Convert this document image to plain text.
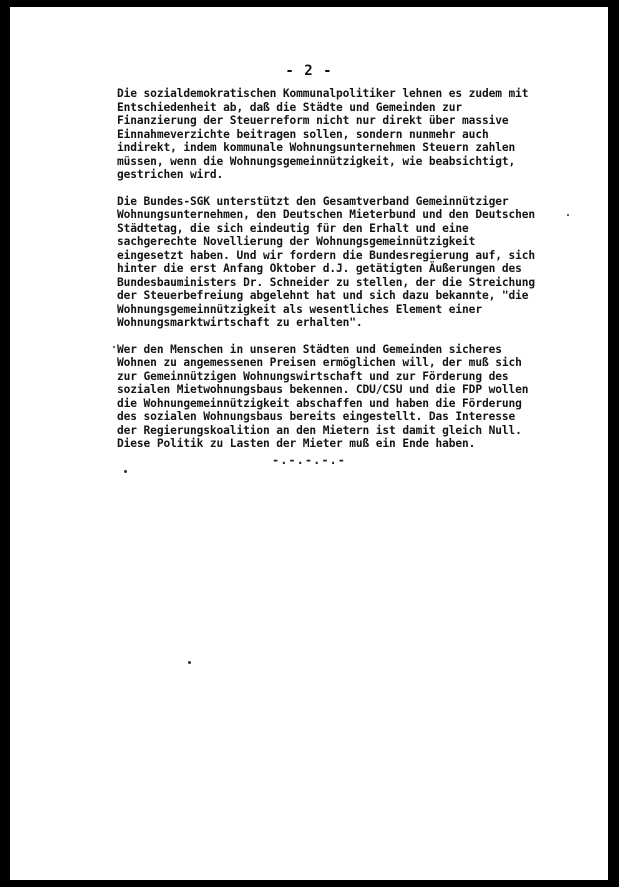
- 2 -
Die sozialdemokratischen Kommunalpolitiker lehnen es zudem mit
Entschiedenheit ab, daß die Städte und Gemeinden zur
Finanzierung der Steuerreform nicht nur direkt über massive
Einnahmeverzichte beitragen sollen, sondern nunmehr auch
indirekt, indem kommunale Wohnungsunternehmen Steuern zahlen
müssen, wenn die Wohnungsgemeinnützigkeit, wie beabsichtigt,
gestrichen wird.
Die Bundes-SGK unterstützt den Gesamtverband Gemeinnütziger
Wohnungsunternehmen, den Deutschen Mieterbund und den Deutschen
Städtetag, die sich eindeutig für den Erhalt und eine
sachgerechte Novellierung der Wohnungsgemeinnützigkeit
eingesetzt haben. Und wir fordern die Bundesregierung auf, sich
hinter die erst Anfang Oktober d.J. getätigten Äußerungen des
Bundesbauministers Dr. Schneider zu stellen, der die Streichung
der Steuerbefreiung abgelehnt hat und sich dazu bekannte, "die
Wohnungsgemeinnützigkeit als wesentliches Element einer
Wohnungsmarktwirtschaft zu erhalten".
Wer den Menschen in unseren Städten und Gemeinden sicheres
Wohnen zu angemessenen Preisen ermöglichen will, der muß sich
zur Gemeinnützigen Wohnungswirtschaft und zur Förderung des
sozialen Mietwohnungsbaus bekennen. CDU/CSU und die FDP wollen
die Wohnungemeinnützigkeit abschaffen und haben die Förderung
des sozialen Wohnungsbaus bereits eingestellt. Das Interesse
der Regierungskoalition an den Mietern ist damit gleich Null.
Diese Politik zu Lasten der Mieter muß ein Ende haben.
-.-.-.-.-
